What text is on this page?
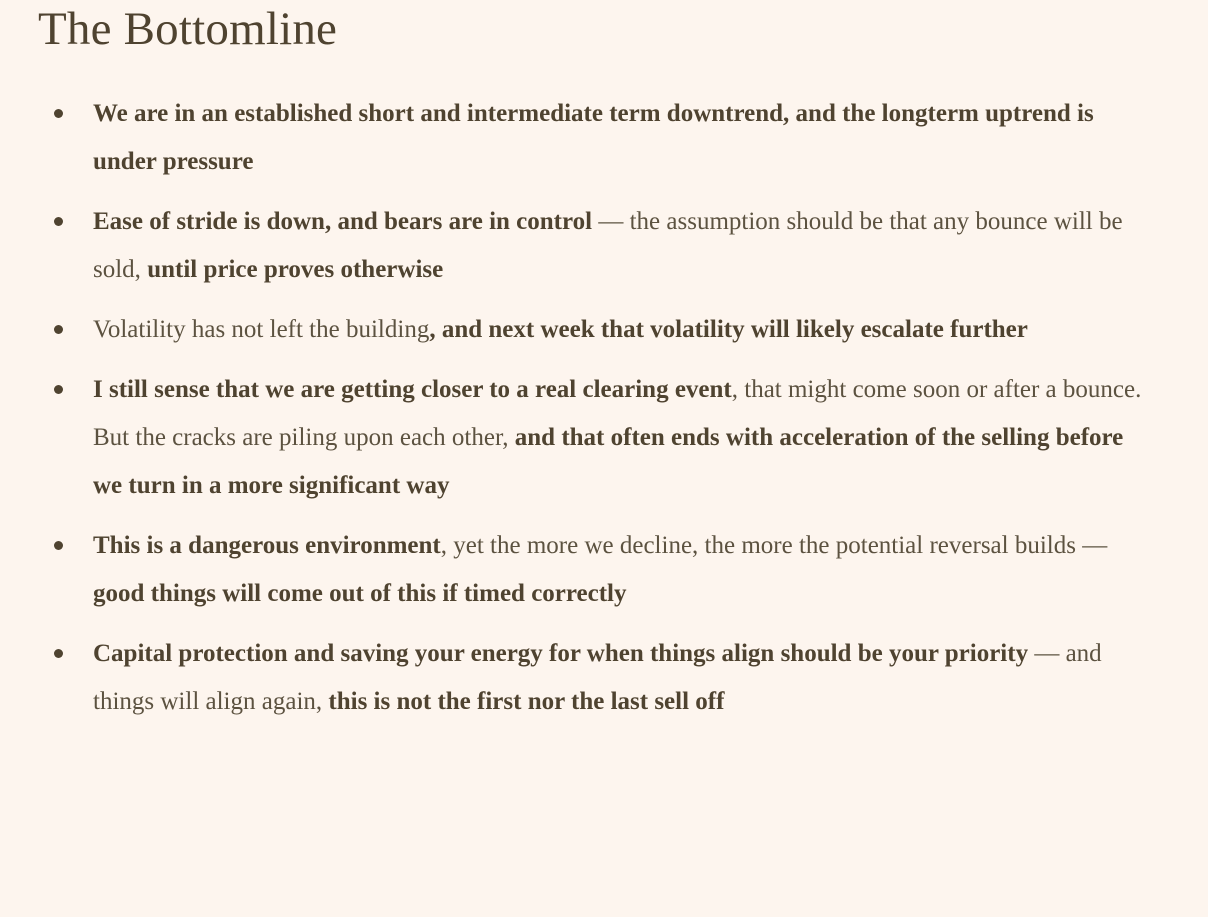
The Bottomline
We are in an established short and intermediate term downtrend, and the longterm uptrend is under pressure
Ease of stride is down, and bears are in control — the assumption should be that any bounce will be sold, until price proves otherwise
Volatility has not left the building, and next week that volatility will likely escalate further
I still sense that we are getting closer to a real clearing event, that might come soon or after a bounce. But the cracks are piling upon each other, and that often ends with acceleration of the selling before we turn in a more significant way
This is a dangerous environment, yet the more we decline, the more the potential reversal builds — good things will come out of this if timed correctly
Capital protection and saving your energy for when things align should be your priority — and things will align again, this is not the first nor the last sell off
